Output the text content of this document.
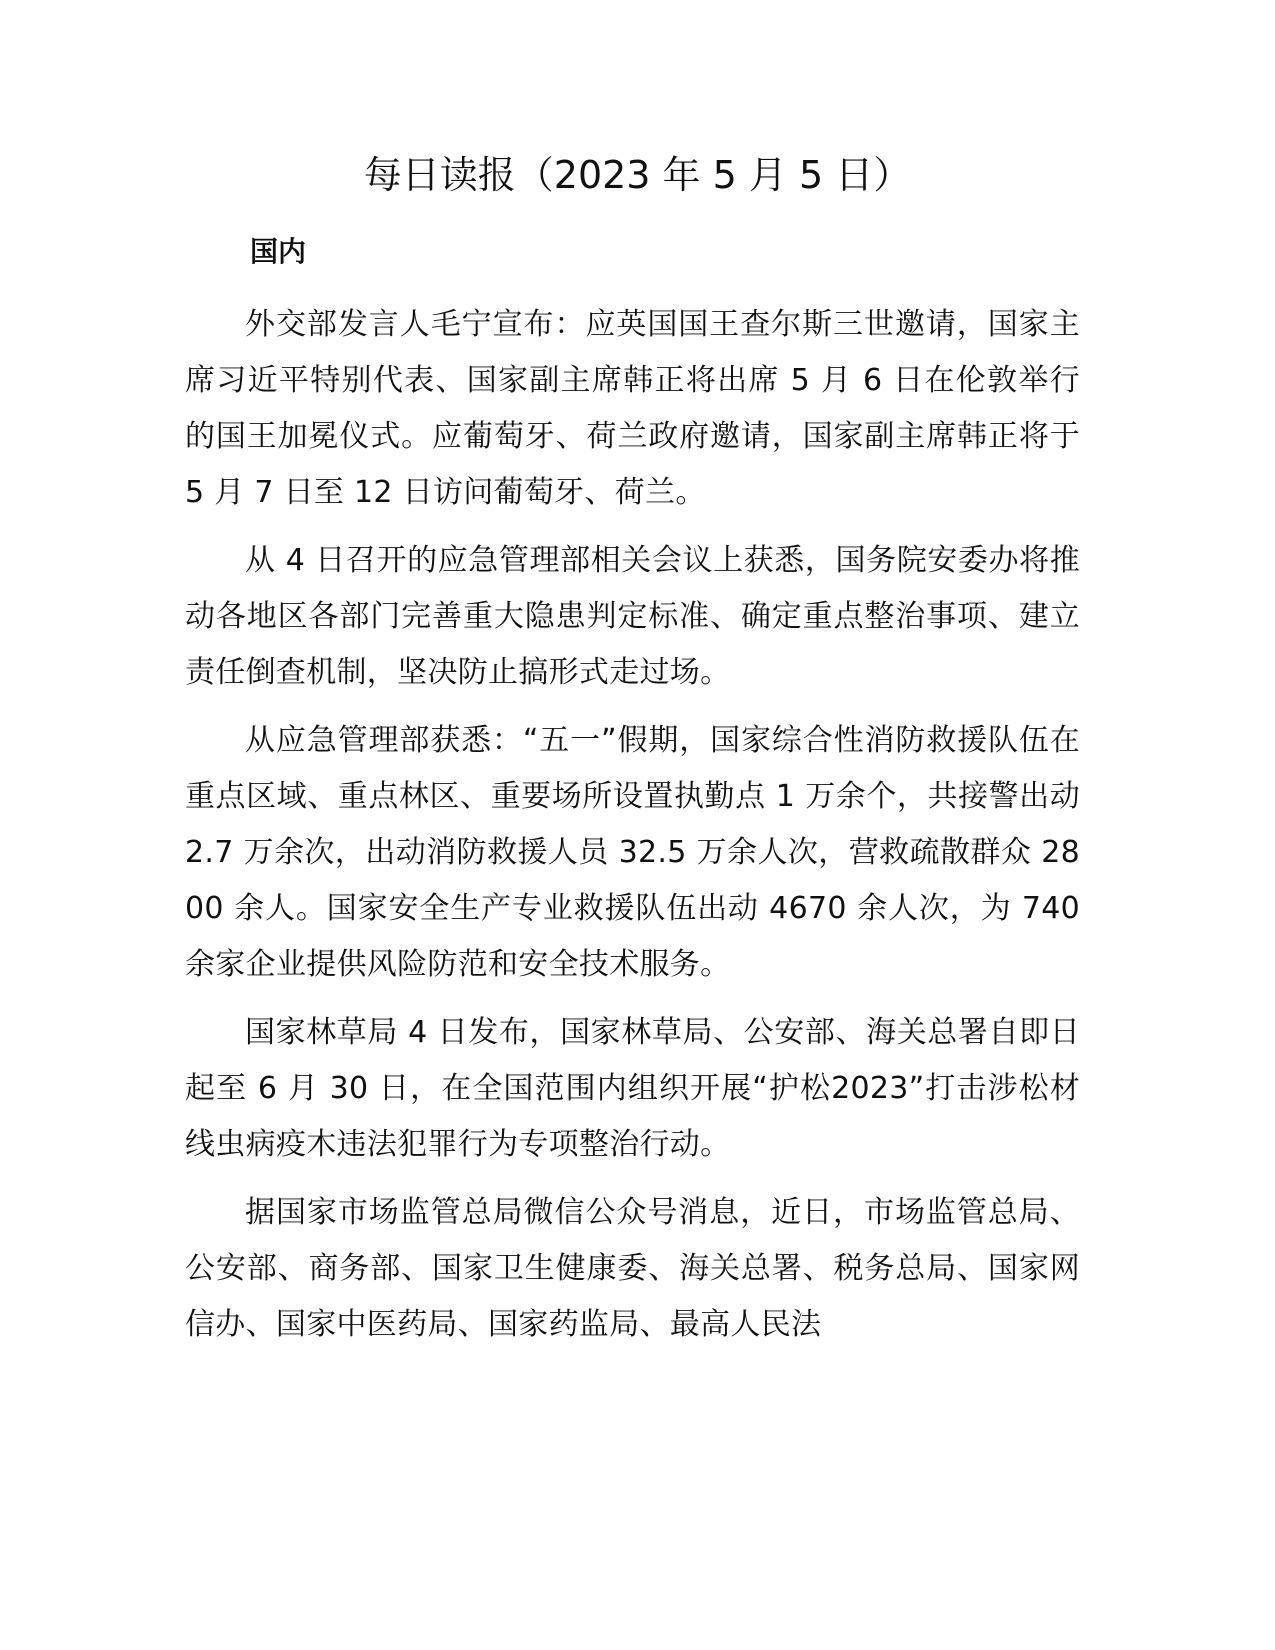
每日读报（2023 年 5 月 5 日）
国内

外交部发言人毛宁宣布：应英国国王查尔斯三世邀请，国家主席习近平特别代表、国家副主席韩正将出席 5 月 6 日在伦敦举行的国王加冕仪式。应葡萄牙、荷兰政府邀请，国家副主席韩正将于 5 月 7 日至 12 日访问葡萄牙、荷兰。

从 4 日召开的应急管理部相关会议上获悉，国务院安委办将推动各地区各部门完善重大隐患判定标准、确定重点整治事项、建立责任倒查机制，坚决防止搞形式走过场。

从应急管理部获悉：“五一”假期，国家综合性消防救援队伍在重点区域、重点林区、重要场所设置执勤点 1 万余个，共接警出动 2.7 万余次，出动消防救援人员 32.5 万余人次，营救疏散群众 2800 余人。国家安全生产专业救援队伍出动 4670 余人次，为 740 余家企业提供风险防范和安全技术服务。

国家林草局 4 日发布，国家林草局、公安部、海关总署自即日起至 6 月 30 日，在全国范围内组织开展“护松2023”打击涉松材线虫病疫木违法犯罪行为专项整治行动。

据国家市场监管总局微信公众号消息，近日，市场监管总局、公安部、商务部、国家卫生健康委、海关总署、税务总局、国家网信办、国家中医药局、国家药监局、最高人民法
